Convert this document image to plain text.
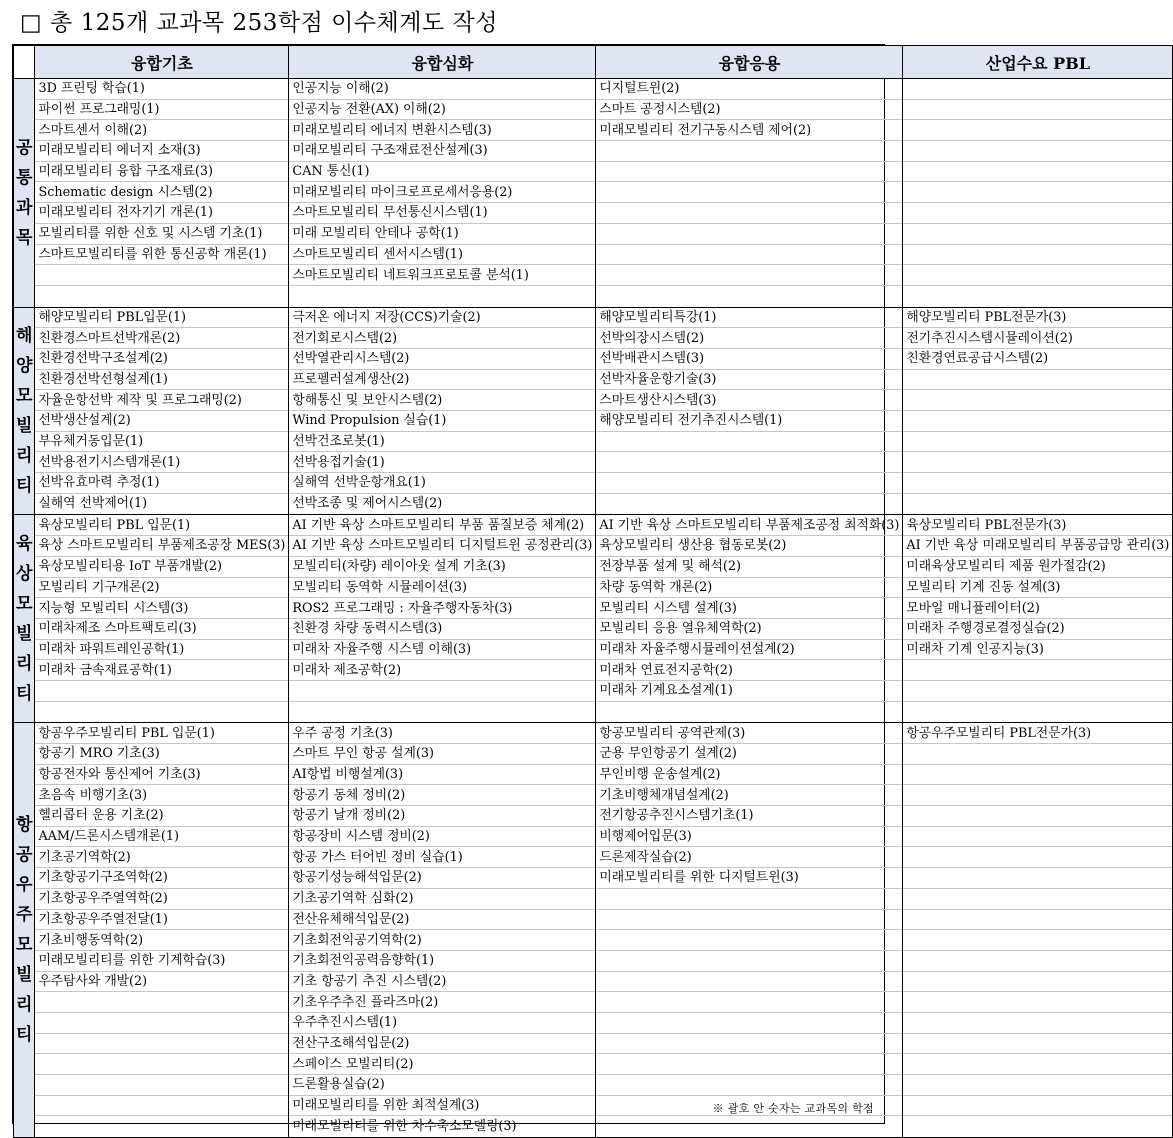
□ 총 125개 교과목 253학점 이수체계도 작성
	융합기초	융합심화	융합응용	산업수요 PBL
공통과목	3D 프린팅 학습(1)	인공지능 이해(2)	디지털트윈(2)	
	파이썬 프로그래밍(1)	인공지능 전환(AX) 이해(2)	스마트 공정시스템(2)	
	스마트센서 이해(2)	미래모빌리티 에너지 변환시스템(3)	미래모빌리티 전기구동시스템 제어(2)	
	미래모빌리티 에너지 소재(3)	미래모빌리티 구조재료전산설계(3)		
	미래모빌리티 융합 구조재료(3)	CAN 통신(1)		
	Schematic design 시스템(2)	미래모빌리티 마이크로프로세서응용(2)		
	미래모빌리티 전자기기 개론(1)	스마트모빌리티 무선통신시스템(1)		
	모빌리티를 위한 신호 및 시스템 기초(1)	미래 모빌리티 안테나 공학(1)		
	스마트모빌리티를 위한 통신공학 개론(1)	스마트모빌리티 센서시스템(1)		
		스마트모빌리티 네트워크프로토콜 분석(1)		

해양
모빌리티	해양모빌리티 PBL입문(1)	극저온 에너지 저장(CCS)기술(2)	해양모빌리티특강(1)	해양모빌리티 PBL전문가(3)
	친환경스마트선박개론(2)	전기회로시스템(2)	선박의장시스템(2)	전기추진시스템시뮬레이션(2)
	친환경선박구조설계(2)	선박열관리시스템(2)	선박배관시스템(3)	친환경연료공급시스템(2)
	친환경선박선형설계(1)	프로펠러설계생산(2)	선박자율운항기술(3)	
	자율운항선박 제작 및 프로그래밍(2)	항해통신 및 보안시스템(2)	스마트생산시스템(3)	
	선박생산설계(2)	Wind Propulsion 실습(1)	해양모빌리티 전기추진시스템(1)	
	부유체거동입문(1)	선박건조로봇(1)		
	선박용전기시스템개론(1)	선박용접기술(1)		
	선박유효마력 추정(1)	실해역 선박운항개요(1)		
	실해역 선박제어(1)	선박조종 및 제어시스템(2)		
육상
모빌리티	육상모빌리티 PBL 입문(1)	AI 기반 육상 스마트모빌리티 부품 품질보증 체계(2)	AI 기반 육상 스마트모빌리티 부품제조공정 최적화(3)	육상모빌리티 PBL전문가(3)
	육상 스마트모빌리티 부품제조공장 MES(3)	AI 기반 육상 스마트모빌리티 디지털트윈 공정관리(3)	육상모빌리티 생산용 협동로봇(2)	AI 기반 육상 미래모빌리티 부품공급망 관리(3)
	육상모빌리티용 IoT 부품개발(2)	모빌리티(차량) 레이아웃 설계 기초(3)	전장부품 설계 및 해석(2)	미래육상모빌리티 제품 원가절감(2)
	모빌리티 기구개론(2)	모빌리티 동역학 시뮬레이션(3)	차량 동역학 개론(2)	모빌리티 기계 진동 설계(3)
	지능형 모빌리티 시스템(3)	ROS2 프로그래밍 : 자율주행자동차(3)	모빌리티 시스템 설계(3)	모바일 매니퓰레이터(2)
	미래차제조 스마트팩토리(3)	친환경 차량 동력시스템(3)	모빌리티 응용 열유체역학(2)	미래차 주행경로결정실습(2)
	미래차 파워트레인공학(1)	미래차 자율주행 시스템 이해(3)	미래차 자율주행시뮬레이션설계(2)	미래차 기계 인공지능(3)
	미래차 금속재료공학(1)	미래차 제조공학(2)	미래차 연료전지공학(2)	
			미래차 기계요소설계(1)	

항공우주
모빌리티	항공우주모빌리티 PBL 입문(1)	우주 공정 기초(3)	항공모빌리티 공역관제(3)	항공우주모빌리티 PBL전문가(3)
	항공기 MRO 기초(3)	스마트 무인 항공 설계(3)	군용 무인항공기 설계(2)	
	항공전자와 통신제어 기초(3)	AI항법 비행설계(3)	무인비행 운송설계(2)	
	초음속 비행기초(3)	항공기 동체 정비(2)	기초비행체개념설계(2)	
	헬리콥터 운용 기초(2)	항공기 날개 정비(2)	전기항공추진시스템기초(1)	
	AAM/드론시스템개론(1)	항공장비 시스템 정비(2)	비행제어입문(3)	
	기초공기역학(2)	항공 가스 터어빈 정비 실습(1)	드론제작실습(2)	
	기초항공기구조역학(2)	항공기성능해석입문(2)	미래모빌리티를 위한 디지털트윈(3)	
	기초항공우주열역학(2)	기초공기역학 심화(2)		
	기초항공우주열전달(1)	전산유체해석입문(2)		
	기초비행동역학(2)	기초회전익공기역학(2)		
	미래모빌리티를 위한 기계학습(3)	기초회전익공력음향학(1)		
	우주탐사와 개발(2)	기초 항공기 추진 시스템(2)		
		기초우주추진 플라즈마(2)		
		우주추진시스템(1)		
		전산구조해석입문(2)		
		스페이스 모빌리티(2)		
		드론활용실습(2)		
		미래모빌리티를 위한 최적설계(3)		
		미래모빌리티를 위한 차수축소모델링(3)		
※ 괄호 안 숫자는 교과목의 학점
